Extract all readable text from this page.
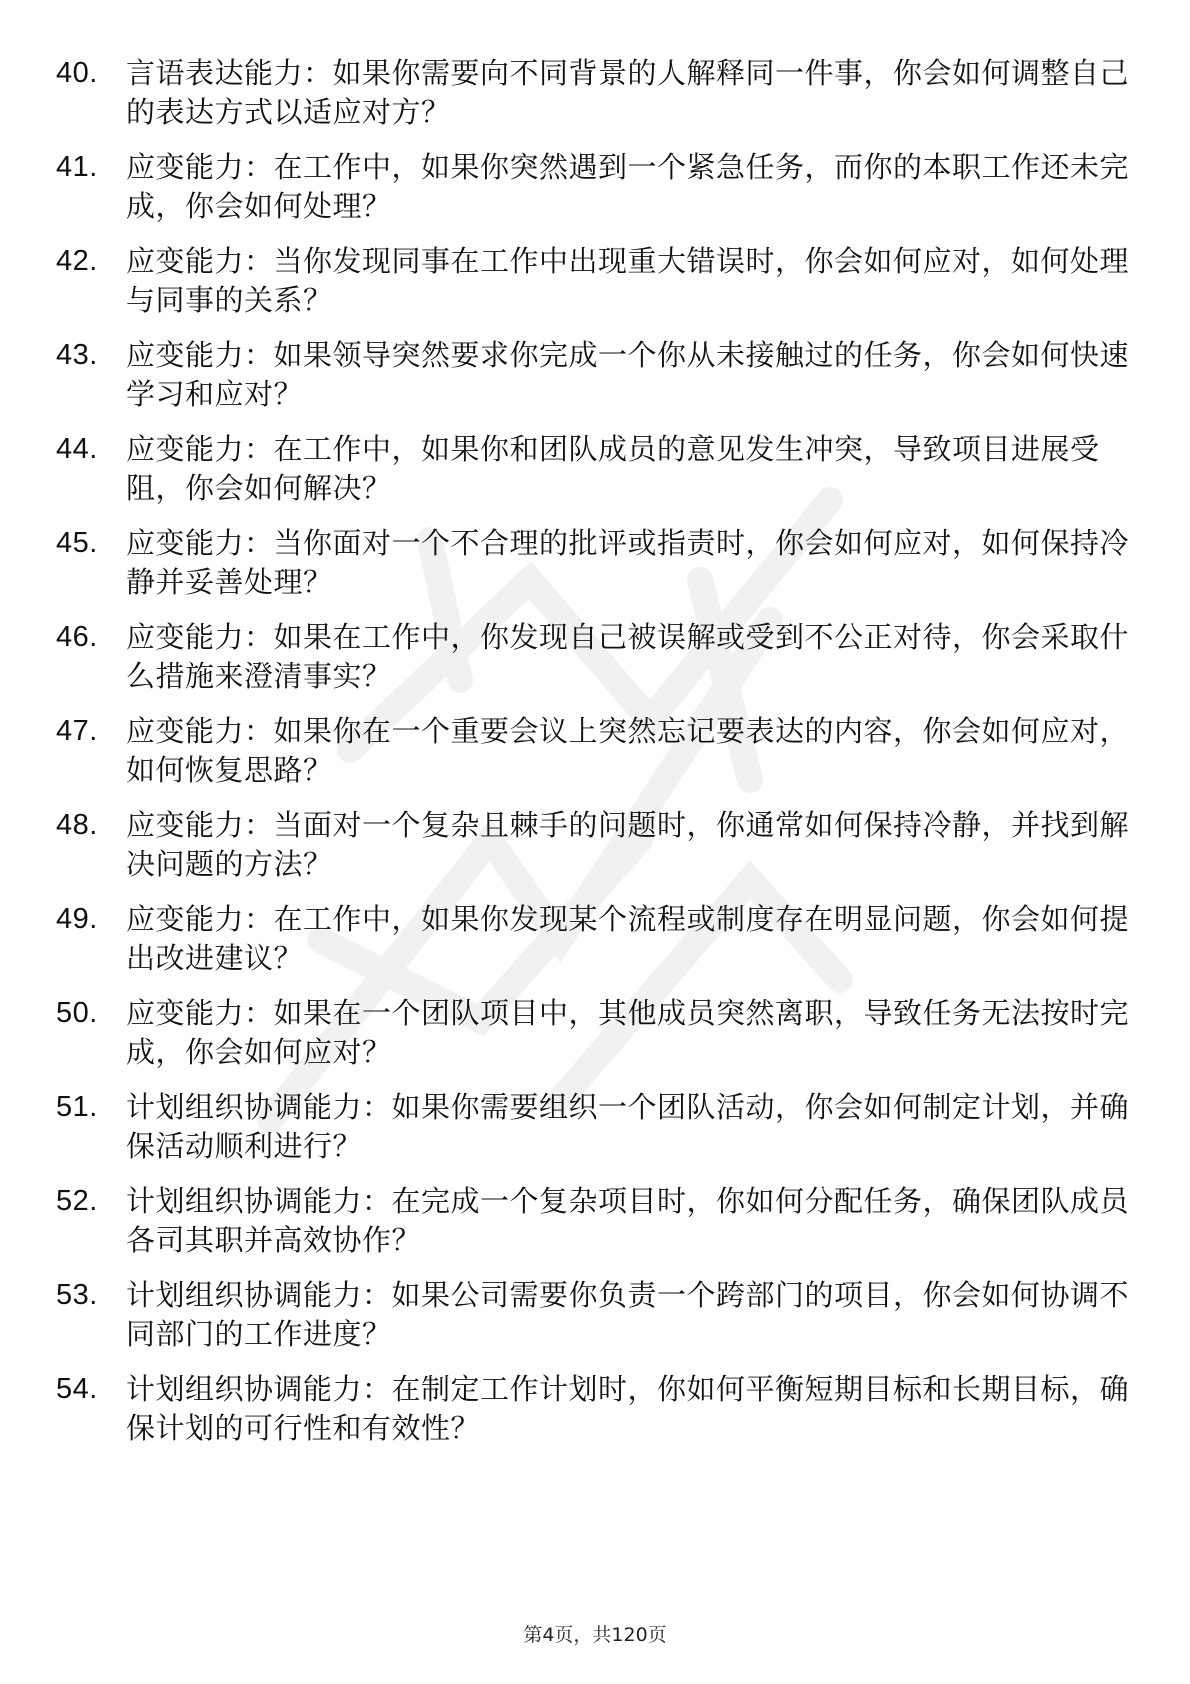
40. 言语表达能力：如果你需要向不同背景的人解释同一件事，你会如何调整自己的表达方式以适应对方？
41. 应变能力：在工作中，如果你突然遇到一个紧急任务，而你的本职工作还未完成，你会如何处理？
42. 应变能力：当你发现同事在工作中出现重大错误时，你会如何应对，如何处理与同事的关系？
43. 应变能力：如果领导突然要求你完成一个你从未接触过的任务，你会如何快速学习和应对？
44. 应变能力：在工作中，如果你和团队成员的意见发生冲突，导致项目进展受阻，你会如何解决？
45. 应变能力：当你面对一个不合理的批评或指责时，你会如何应对，如何保持冷静并妥善处理？
46. 应变能力：如果在工作中，你发现自己被误解或受到不公正对待，你会采取什么措施来澄清事实？
47. 应变能力：如果你在一个重要会议上突然忘记要表达的内容，你会如何应对，如何恢复思路？
48. 应变能力：当面对一个复杂且棘手的问题时，你通常如何保持冷静，并找到解决问题的方法？
49. 应变能力：在工作中，如果你发现某个流程或制度存在明显问题，你会如何提出改进建议？
50. 应变能力：如果在一个团队项目中，其他成员突然离职，导致任务无法按时完成，你会如何应对？
51. 计划组织协调能力：如果你需要组织一个团队活动，你会如何制定计划，并确保活动顺利进行？
52. 计划组织协调能力：在完成一个复杂项目时，你如何分配任务，确保团队成员各司其职并高效协作？
53. 计划组织协调能力：如果公司需要你负责一个跨部门的项目，你会如何协调不同部门的工作进度？
54. 计划组织协调能力：在制定工作计划时，你如何平衡短期目标和长期目标，确保计划的可行性和有效性？
第4页，共120页
